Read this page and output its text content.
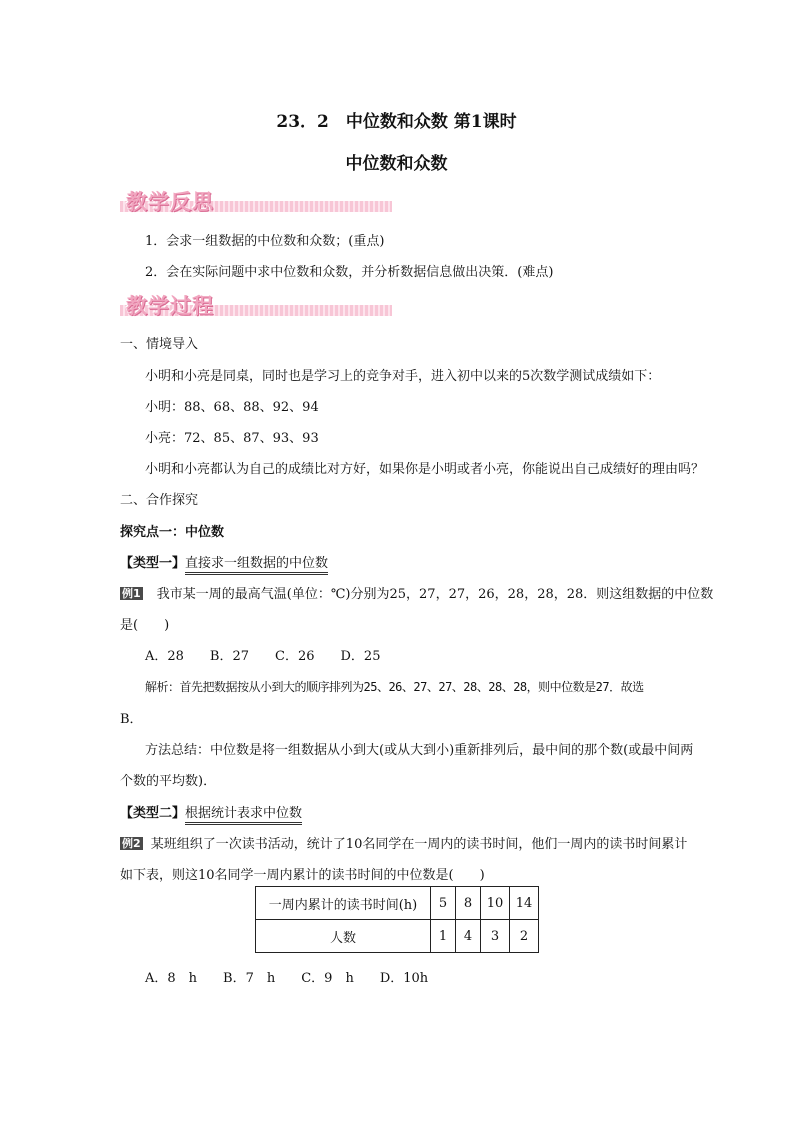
23．2　中位数和众数 第1课时
中位数和众数
教学反思
1．会求一组数据的中位数和众数；(重点)
2．会在实际问题中求中位数和众数，并分析数据信息做出决策．(难点)
教学过程
一、情境导入
小明和小亮是同桌，同时也是学习上的竞争对手，进入初中以来的5次数学测试成绩如下：
小明：88、68、88、92、94
小亮：72、85、87、93、93
小明和小亮都认为自己的成绩比对方好，如果你是小明或者小亮，你能说出自己成绩好的理由吗？
二、合作探究
探究点一：中位数
【类型一】直接求一组数据的中位数
例1 我市某一周的最高气温(单位：℃)分别为25，27，27，26，28，28，28．则这组数据的中位数
是(　　)
A．28　　B．27　　C．26　　D．25
解析：首先把数据按从小到大的顺序排列为25、26、27、27、28、28、28，则中位数是27．故选
B．
方法总结：中位数是将一组数据从小到大(或从大到小)重新排列后，最中间的那个数(或最中间两
个数的平均数)．
【类型二】根据统计表求中位数
例2 某班组织了一次读书活动，统计了10名同学在一周内的读书时间，他们一周内的读书时间累计
如下表，则这10名同学一周内累计的读书时间的中位数是(　　)
一周内累计的读书时间(h)	5	8	10	14
人数	1	4	3	2
A．8　h　　B．7　h　　C．9　h　　D．10h
